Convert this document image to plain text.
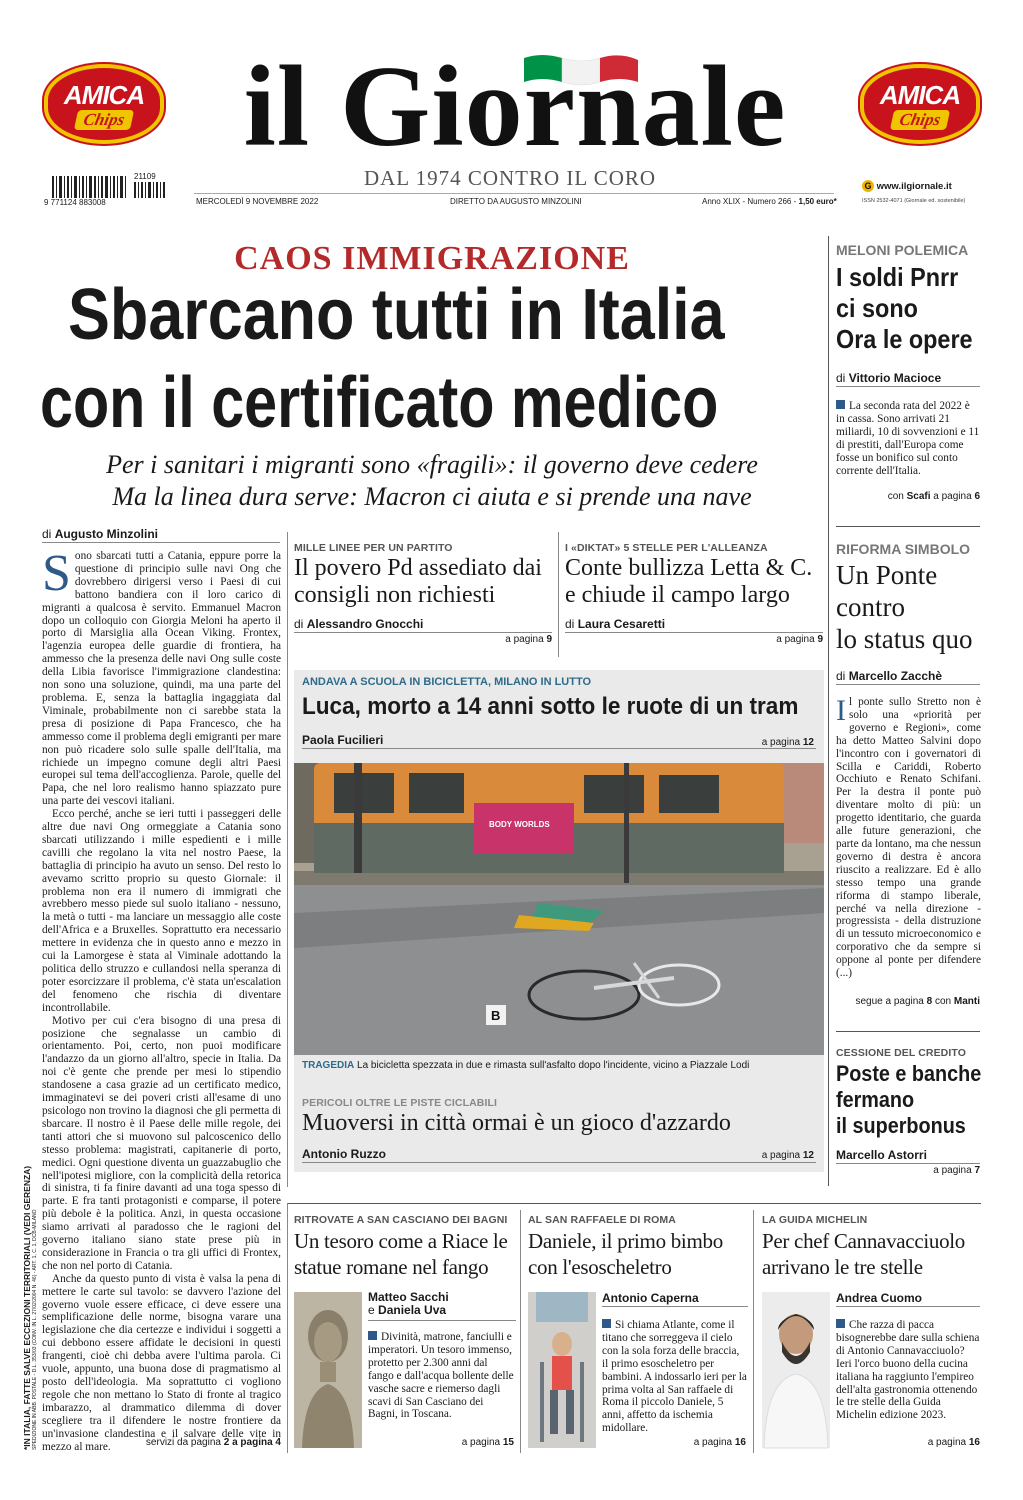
AMICA
Chips
AMICA
Chips
il Giornale
DAL 1974 CONTRO IL CORO
21109
9 771124 883008	MERCOLEDÌ 9 NOVEMBRE 2022	DIRETTO DA AUGUSTO MINZOLINI	Anno XLIX - Numero 266 - 1,50 euro*
G www.ilgiornale.it
ISSN 2532-4071 (Giornale ed. sostenibile)
CAOS IMMIGRAZIONE
Sbarcano tutti in Italia
con il certificato medico
Per i sanitari i migranti sono «fragili»: il governo deve cedere
Ma la linea dura serve: Macron ci aiuta e si prende una nave
di Augusto Minzolini

Sono sbarcati tutti a Catania, eppure porre la questione di principio sulle navi Ong che dovrebbero dirigersi verso i Paesi di cui battono bandiera con il loro carico di migranti a qualcosa è servito. Emmanuel Macron dopo un colloquio con Giorgia Meloni ha aperto il porto di Marsiglia alla Ocean Viking. Frontex, l'agenzia europea delle guardie di frontiera, ha ammesso che la presenza delle navi Ong sulle coste della Libia favorisce l'immigrazione clandestina: non sono una soluzione, quindi, ma una parte del problema. E, senza la battaglia ingaggiata dal Viminale, probabilmente non ci sarebbe stata la presa di posizione di Papa Francesco, che ha ammesso come il problema degli emigranti per mare non può ricadere solo sulle spalle dell'Italia, ma richiede un impegno comune degli altri Paesi europei sul tema dell'accoglienza. Parole, quelle del Papa, che nel loro realismo hanno spiazzato pure una parte dei vescovi italiani.

Ecco perché, anche se ieri tutti i passeggeri delle altre due navi Ong ormeggiate a Catania sono sbarcati utilizzando i mille espedienti e i mille cavilli che regolano la vita nel nostro Paese, la battaglia di principio ha avuto un senso. Del resto lo avevamo scritto proprio su questo Giornale: il problema non era il numero di immigrati che avrebbero messo piede sul suolo italiano - nessuno, la metà o tutti - ma lanciare un messaggio alle coste dell'Africa e a Bruxelles. Soprattutto era necessario mettere in evidenza che in questo anno e mezzo in cui la Lamorgese è stata al Viminale adottando la politica dello struzzo e cullandosi nella speranza di poter esorcizzare il problema, c'è stata un'escalation del fenomeno che rischia di diventare incontrollabile.

Motivo per cui c'era bisogno di una presa di posizione che segnalasse un cambio di orientamento. Poi, certo, non puoi modificare l'andazzo da un giorno all'altro, specie in Italia. Da noi c'è gente che prende per mesi lo stipendio standosene a casa grazie ad un certificato medico, immaginatevi se dei poveri cristi all'esame di uno psicologo non trovino la diagnosi che gli permetta di sbarcare. Il nostro è il Paese delle mille regole, dei tanti attori che si muovono sul palcoscenico dello stesso problema: magistrati, capitanerie di porto, medici. Ogni questione diventa un guazzabuglio che nell'ipotesi migliore, con la complicità della retorica di sinistra, ti fa finire davanti ad una toga spesso di parte. E fra tanti protagonisti e comparse, il potere più debole è la politica. Anzi, in questa occasione siamo arrivati al paradosso che le ragioni del governo italiano siano state prese più in considerazione in Francia o tra gli uffici di Frontex, che non nel porto di Catania.

Anche da questo punto di vista è valsa la pena di mettere le carte sul tavolo: se davvero l'azione del governo vuole essere efficace, ci deve essere una semplificazione delle norme, bisogna varare una legislazione che dia certezze e individui i soggetti a cui debbono essere affidate le decisioni in questi frangenti, cioè chi debba avere l'ultima parola. Ci vuole, appunto, una buona dose di pragmatismo al posto dell'ideologia. Ma soprattutto ci vogliono regole che non mettano lo Stato di fronte al tragico imbarazzo, al drammatico dilemma di dover scegliere tra il difendere le nostre frontiere da un'invasione clandestina e il salvare delle vite in mezzo al mare.	servizi da pagina 2 a pagina 4
*IN ITALIA, FATTE SALVE ECCEZIONI TERRITORIALI (VEDI GERENZA) SPEDIZIONE IN ABB. POSTALE - D.L. 353/03 (CONV. IN L. 27/02/2004 N. 46) - ART. 1, C. 1, DCB-MILANO
MILLE LINEE PER UN PARTITO
Il povero Pd assediato dai consigli non richiesti
di Alessandro Gnocchi
a pagina 9
I «DIKTAT» 5 STELLE PER L'ALLEANZA
Conte bullizza Letta & C. e chiude il campo largo
di Laura Cesaretti
a pagina 9
ANDAVA A SCUOLA IN BICICLETTA, MILANO IN LUTTO
Luca, morto a 14 anni sotto le ruote di un tram
Paola Fucilieri	a pagina 12
BODY WORLDS
B
TRAGEDIA La bicicletta spezzata in due e rimasta sull'asfalto dopo l'incidente, vicino a Piazzale Lodi
PERICOLI OLTRE LE PISTE CICLABILI
Muoversi in città ormai è un gioco d'azzardo
Antonio Ruzzo	a pagina 12
MELONI POLEMICA
I soldi Pnrr
ci sono
Ora le opere
di Vittorio Macioce
La seconda rata del 2022 è in cassa. Sono arrivati 21 miliardi, 10 di sovvenzioni e 11 di prestiti, dall'Europa come fosse un bonifico sul conto corrente dell'Italia.
con Scafi a pagina 6
RIFORMA SIMBOLO
Un Ponte
contro
lo status quo
di Marcello Zacchè

Il ponte sullo Stretto non è solo una «priorità per governo e Regioni», come ha detto Matteo Salvini dopo l'incontro con i governatori di Scilla e Cariddi, Roberto Occhiuto e Renato Schifani. Per la destra il ponte può diventare molto di più: un progetto identitario, che guarda alle future generazioni, che parte da lontano, ma che nessun governo di destra è ancora riuscito a realizzare. Ed è allo stesso tempo una grande riforma di stampo liberale, perché va nella direzione - progressista - della distruzione di un tessuto microeconomico e corporativo che da sempre si oppone al ponte per difendere (...)

segue a pagina 8 con Manti
CESSIONE DEL CREDITO
Poste e banche
fermano
il superbonus
Marcello Astorri
a pagina 7
RITROVATE A SAN CASCIANO DEI BAGNI
Un tesoro come a Riace le statue romane nel fango
Matteo Sacchi
e Daniela Uva
Divinità, matrone, fanciulli e imperatori. Un tesoro immenso, protetto per 2.300 anni dal fango e dall'acqua bollente delle vasche sacre e riemerso dagli scavi di San Casciano dei Bagni, in Toscana.
a pagina 15
AL SAN RAFFAELE DI ROMA
Daniele, il primo bimbo con l'esoscheletro
Antonio Caperna
Si chiama Atlante, come il titano che sorreggeva il cielo con la sola forza delle braccia, il primo esoscheletro per bambini. A indossarlo ieri per la prima volta al San raffaele di Roma il piccolo Daniele, 5 anni, affetto da ischemia midollare.
a pagina 16
LA GUIDA MICHELIN
Per chef Cannavacciuolo arrivano le tre stelle
Andrea Cuomo
Che razza di pacca bisognerebbe dare sulla schiena di Antonio Cannavacciuolo? Ieri l'orco buono della cucina italiana ha raggiunto l'empireo dell'alta gastronomia ottenendo le tre stelle della Guida Michelin edizione 2023.
a pagina 16
